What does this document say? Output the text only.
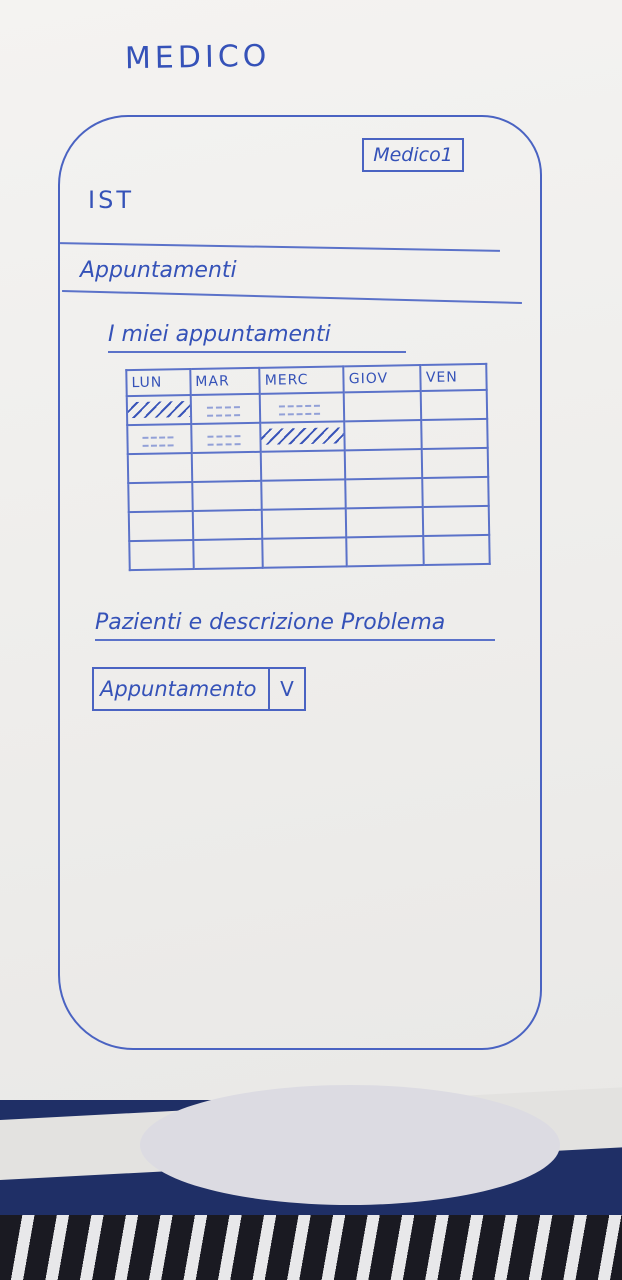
MEDICO
Medico1
IST
Appuntamenti
I miei appuntamenti
LUN	MAR	MERC	GIOV	VEN

Pazienti e descrizione Problema
Appuntamento	V
